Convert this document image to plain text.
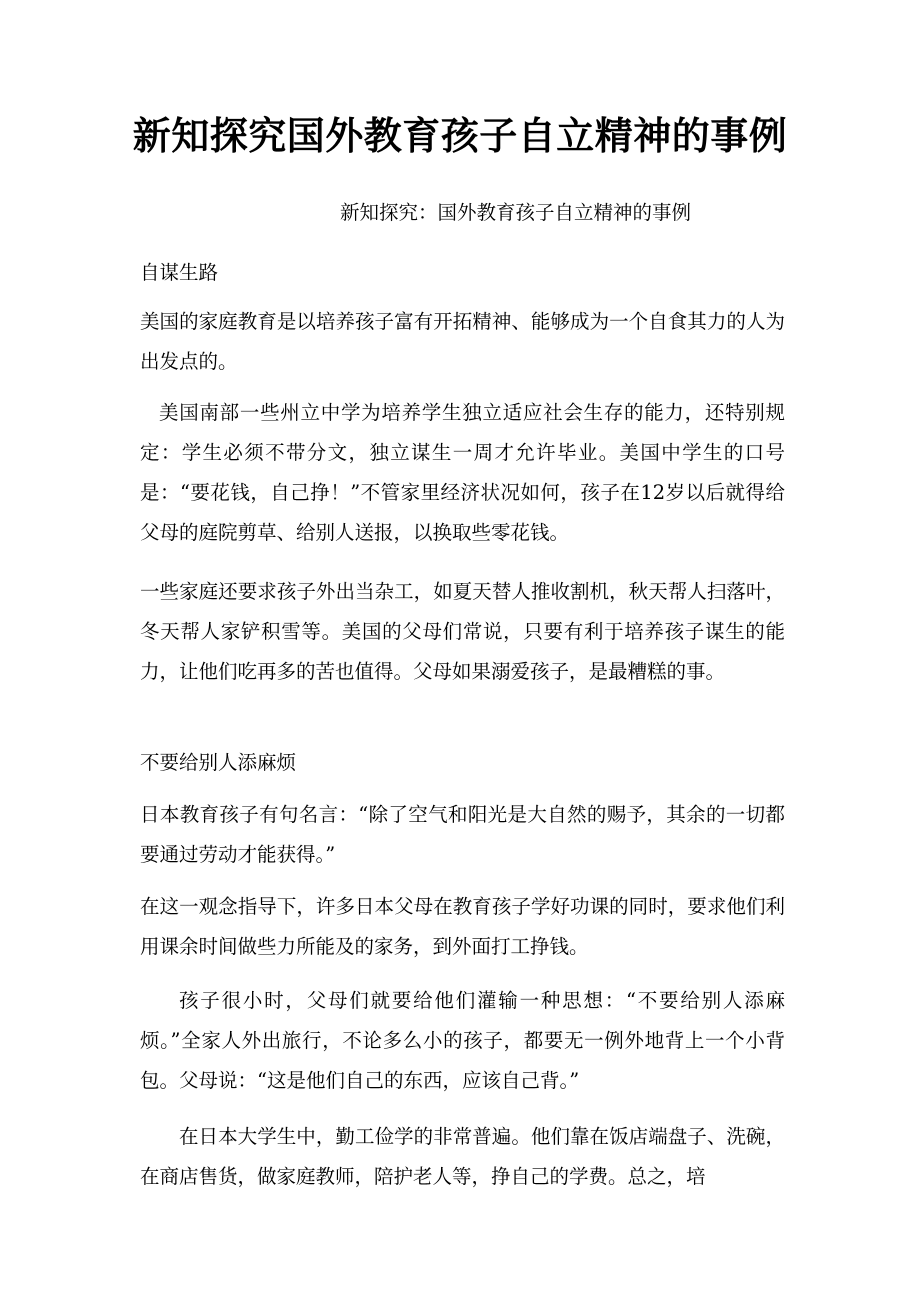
新知探究国外教育孩子自立精神的事例

新知探究：国外教育孩子自立精神的事例

自谋生路

美国的家庭教育是以培养孩子富有开拓精神、能够成为一个自食其力的人为出发点的。

美国南部一些州立中学为培养学生独立适应社会生存的能力，还特别规定：学生必须不带分文，独立谋生一周才允许毕业。美国中学生的口号是：“要花钱，自己挣！”不管家里经济状况如何，孩子在12岁以后就得给父母的庭院剪草、给别人送报，以换取些零花钱。

一些家庭还要求孩子外出当杂工，如夏天替人推收割机，秋天帮人扫落叶，冬天帮人家铲积雪等。美国的父母们常说，只要有利于培养孩子谋生的能力，让他们吃再多的苦也值得。父母如果溺爱孩子，是最糟糕的事。

不要给别人添麻烦

日本教育孩子有句名言：“除了空气和阳光是大自然的赐予，其余的一切都要通过劳动才能获得。”

在这一观念指导下，许多日本父母在教育孩子学好功课的同时，要求他们利用课余时间做些力所能及的家务，到外面打工挣钱。

孩子很小时，父母们就要给他们灌输一种思想：“不要给别人添麻烦。”全家人外出旅行，不论多么小的孩子，都要无一例外地背上一个小背包。父母说：“这是他们自己的东西，应该自己背。”

在日本大学生中，勤工俭学的非常普遍。他们靠在饭店端盘子、洗碗，在商店售货，做家庭教师，陪护老人等，挣自己的学费。总之，培
